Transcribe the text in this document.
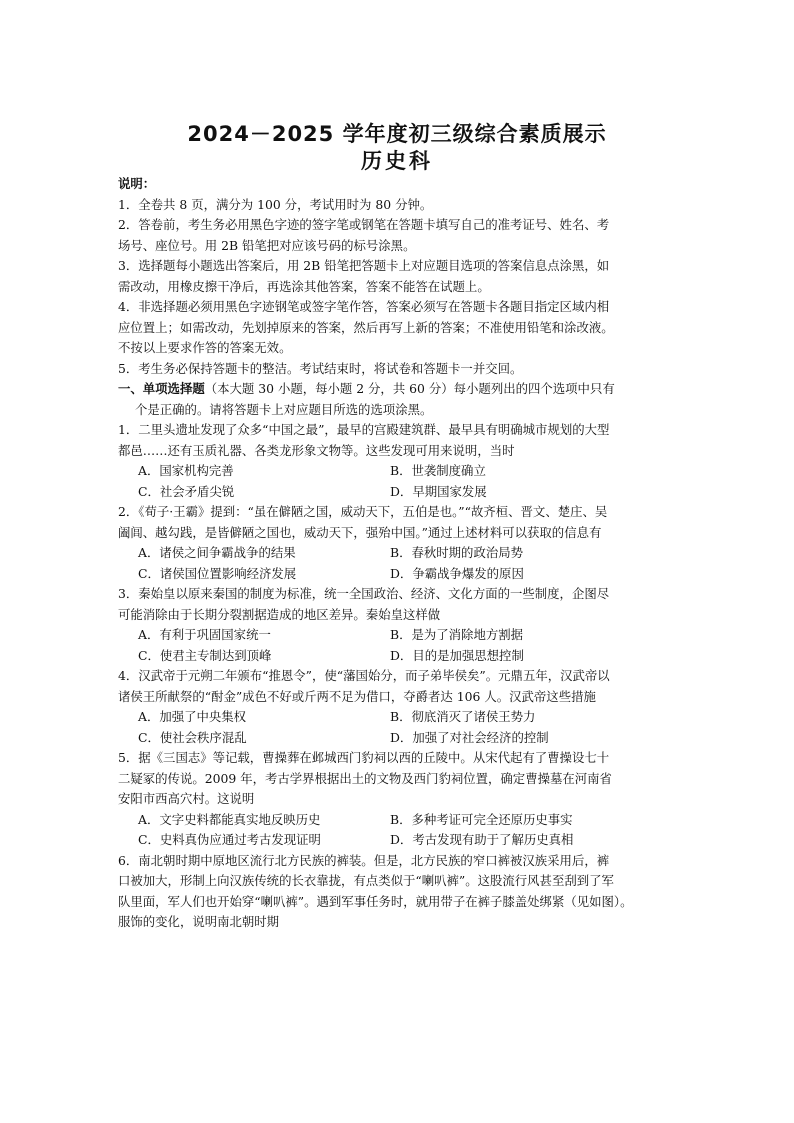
2024－2025 学年度初三级综合素质展示
历史科
说明：
1．全卷共 8 页，满分为 100 分，考试用时为 80 分钟。
2．答卷前，考生务必用黑色字迹的签字笔或钢笔在答题卡填写自己的准考证号、姓名、考
场号、座位号。用 2B 铅笔把对应该号码的标号涂黑。
3．选择题每小题选出答案后，用 2B 铅笔把答题卡上对应题目选项的答案信息点涂黑，如
需改动，用橡皮擦干净后，再选涂其他答案，答案不能答在试题上。
4．非选择题必须用黑色字迹钢笔或签字笔作答，答案必须写在答题卡各题目指定区域内相
应位置上；如需改动，先划掉原来的答案，然后再写上新的答案；不准使用铅笔和涂改液。
不按以上要求作答的答案无效。
5．考生务必保持答题卡的整洁。考试结束时，将试卷和答题卡一并交回。
一、单项选择题（本大题 30 小题，每小题 2 分，共 60 分）每小题列出的四个选项中只有
个是正确的。请将答题卡上对应题目所选的选项涂黑。
1．二里头遗址发现了众多“中国之最”，最早的宫殿建筑群、最早具有明确城市规划的大型
都邑……还有玉质礼器、各类龙形象文物等。这些发现可用来说明，当时
A．国家机构完善	B．世袭制度确立
C．社会矛盾尖锐	D．早期国家发展
2．《荀子·王霸》提到：“虽在僻陋之国，威动天下，五伯是也。”“故齐桓、晋文、楚庄、吴
阖闾、越勾践，是皆僻陋之国也，威动天下，强殆中国。”通过上述材料可以获取的信息有
A．诸侯之间争霸战争的结果	B．春秋时期的政治局势
C．诸侯国位置影响经济发展	D．争霸战争爆发的原因
3．秦始皇以原来秦国的制度为标准，统一全国政治、经济、文化方面的一些制度，企图尽
可能消除由于长期分裂割据造成的地区差异。秦始皇这样做
A．有利于巩固国家统一	B．是为了消除地方割据
C．使君主专制达到顶峰	D．目的是加强思想控制
4．汉武帝于元朔二年颁布“推恩令”，使“藩国始分，而子弟毕侯矣”。元鼎五年，汉武帝以
诸侯王所献祭的“酎金”成色不好或斤两不足为借口，夺爵者达 106 人。汉武帝这些措施
A．加强了中央集权	B．彻底消灭了诸侯王势力
C．使社会秩序混乱	D．加强了对社会经济的控制
5．据《三国志》等记载，曹操葬在邺城西门豹祠以西的丘陵中。从宋代起有了曹操设七十
二疑冢的传说。2009 年，考古学界根据出土的文物及西门豹祠位置，确定曹操墓在河南省
安阳市西高穴村。这说明
A．文字史料都能真实地反映历史	B．多种考证可完全还原历史事实
C．史料真伪应通过考古发现证明	D．考古发现有助于了解历史真相
6．南北朝时期中原地区流行北方民族的裤装。但是，北方民族的窄口裤被汉族采用后，裤
口被加大，形制上向汉族传统的长衣靠拢，有点类似于“喇叭裤”。这股流行风甚至刮到了军
队里面，军人们也开始穿“喇叭裤”。遇到军事任务时，就用带子在裤子膝盖处绑紧（见如图）。
服饰的变化，说明南北朝时期
